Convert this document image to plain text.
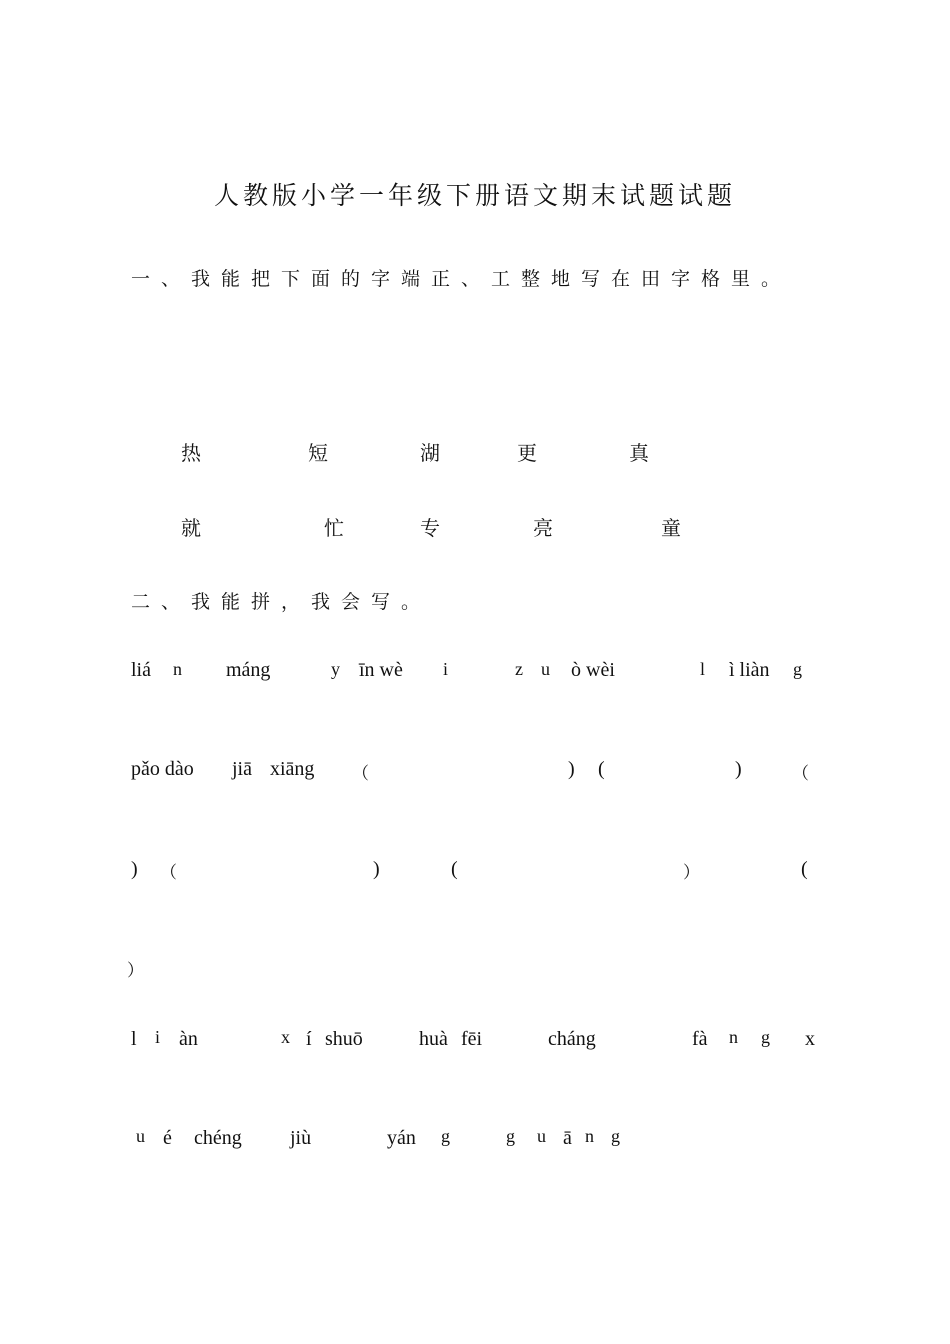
人教版小学一年级下册语文期末试题试题
一、我能把下面的字端正、工整地写在田字格里。
热	短	湖	更	真
就	忙	专	亮	童
二、我能拼，我会写。
liá n máng	y īn wè i	z u ò wèi	l ì liàn g
pǎo dào jiā xiāng （	) (	)	（
) （	)	(	）	(
）
l i àn	x í shuō	huà fēi	cháng	fà n g x
u é chéng jiù	yán g	g u ā n g
